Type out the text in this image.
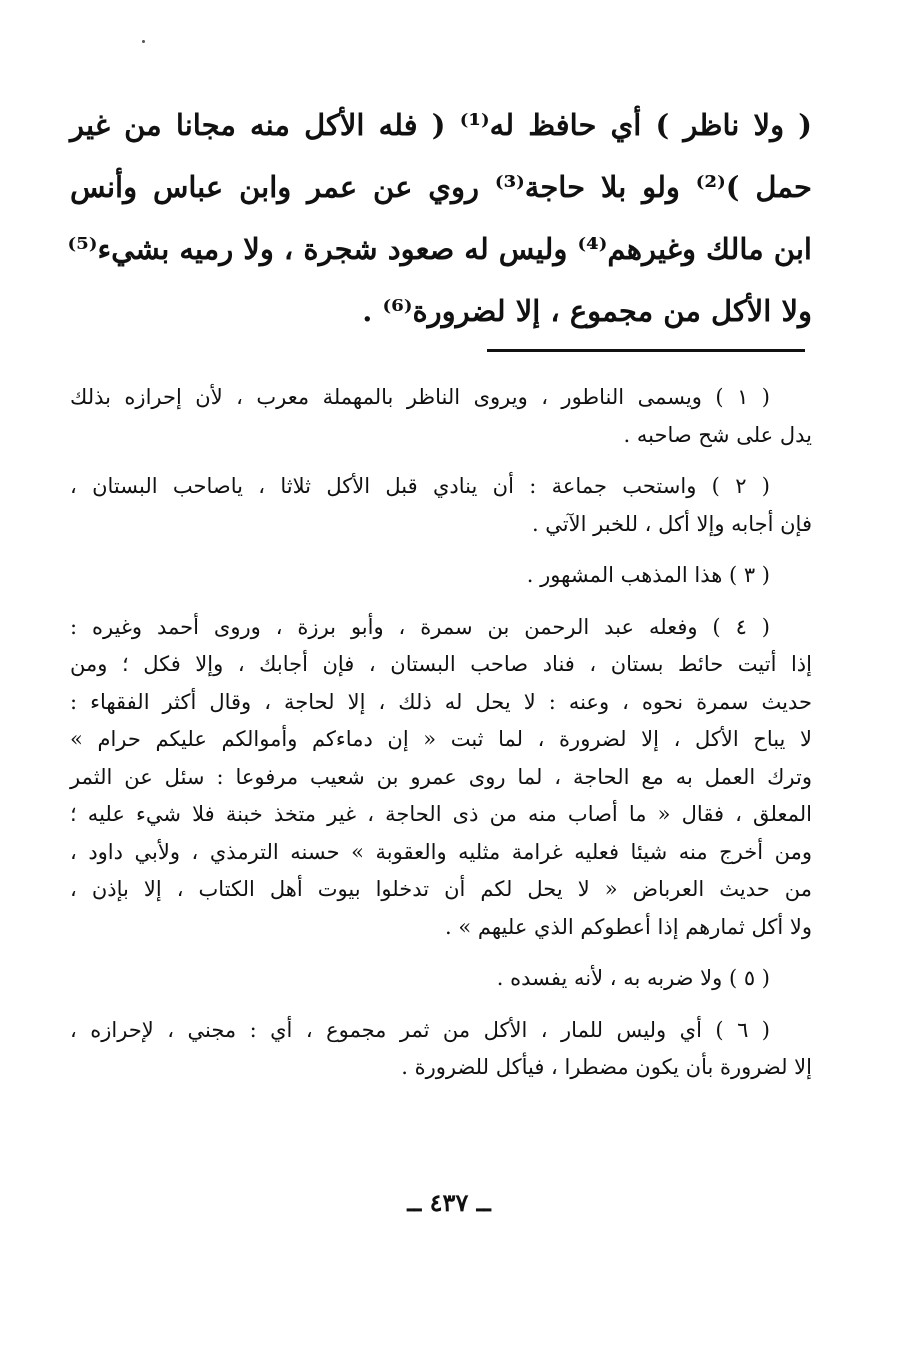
( ولا ناظر ) أي حافظ له⁽¹⁾ ( فله الأكل منه مجانا من غير
حمل )⁽²⁾ ولو بلا حاجة⁽³⁾ روي عن عمر وابن عباس وأنس
ابن مالك وغيرهم⁽⁴⁾ وليس له صعود شجرة ، ولا رميه بشيء⁽⁵⁾
ولا الأكل من مجموع ، إلا لضرورة⁽⁶⁾ .
( ١ ) ويسمى الناطور ، ويروى الناظر بالمهملة معرب ، لأن إحرازه بذلك
يدل على شح صاحبه .
( ٢ ) واستحب جماعة : أن ينادي قبل الأكل ثلاثا ، ياصاحب البستان ،
فإن أجابه وإلا أكل ، للخبر الآتي .
( ٣ ) هذا المذهب المشهور .
( ٤ ) وفعله عبد الرحمن بن سمرة ، وأبو برزة ، وروى أحمد وغيره :
إذا أتيت حائط بستان ، فناد صاحب البستان ، فإن أجابك ، وإلا فكل ؛ ومن
حديث سمرة نحوه ، وعنه : لا يحل له ذلك ، إلا لحاجة ، وقال أكثر الفقهاء :
لا يباح الأكل ، إلا لضرورة ، لما ثبت « إن دماءكم وأموالكم عليكم حرام »
وترك العمل به مع الحاجة ، لما روى عمرو بن شعيب مرفوعا : سئل عن الثمر
المعلق ، فقال « ما أصاب منه من ذى الحاجة ، غير متخذ خبنة فلا شيء عليه ؛
ومن أخرج منه شيئا فعليه غرامة مثليه والعقوبة » حسنه الترمذي ، ولأبي داود ،
من حديث العرباض « لا يحل لكم أن تدخلوا بيوت أهل الكتاب ، إلا بإذن ،
ولا أكل ثمارهم إذا أعطوكم الذي عليهم » .
( ٥ ) ولا ضربه به ، لأنه يفسده .
( ٦ ) أي وليس للمار ، الأكل من ثمر مجموع ، أي : مجني ، لإحرازه ،
إلا لضرورة بأن يكون مضطرا ، فيأكل للضرورة .
ــ ٤٣٧ ــ
